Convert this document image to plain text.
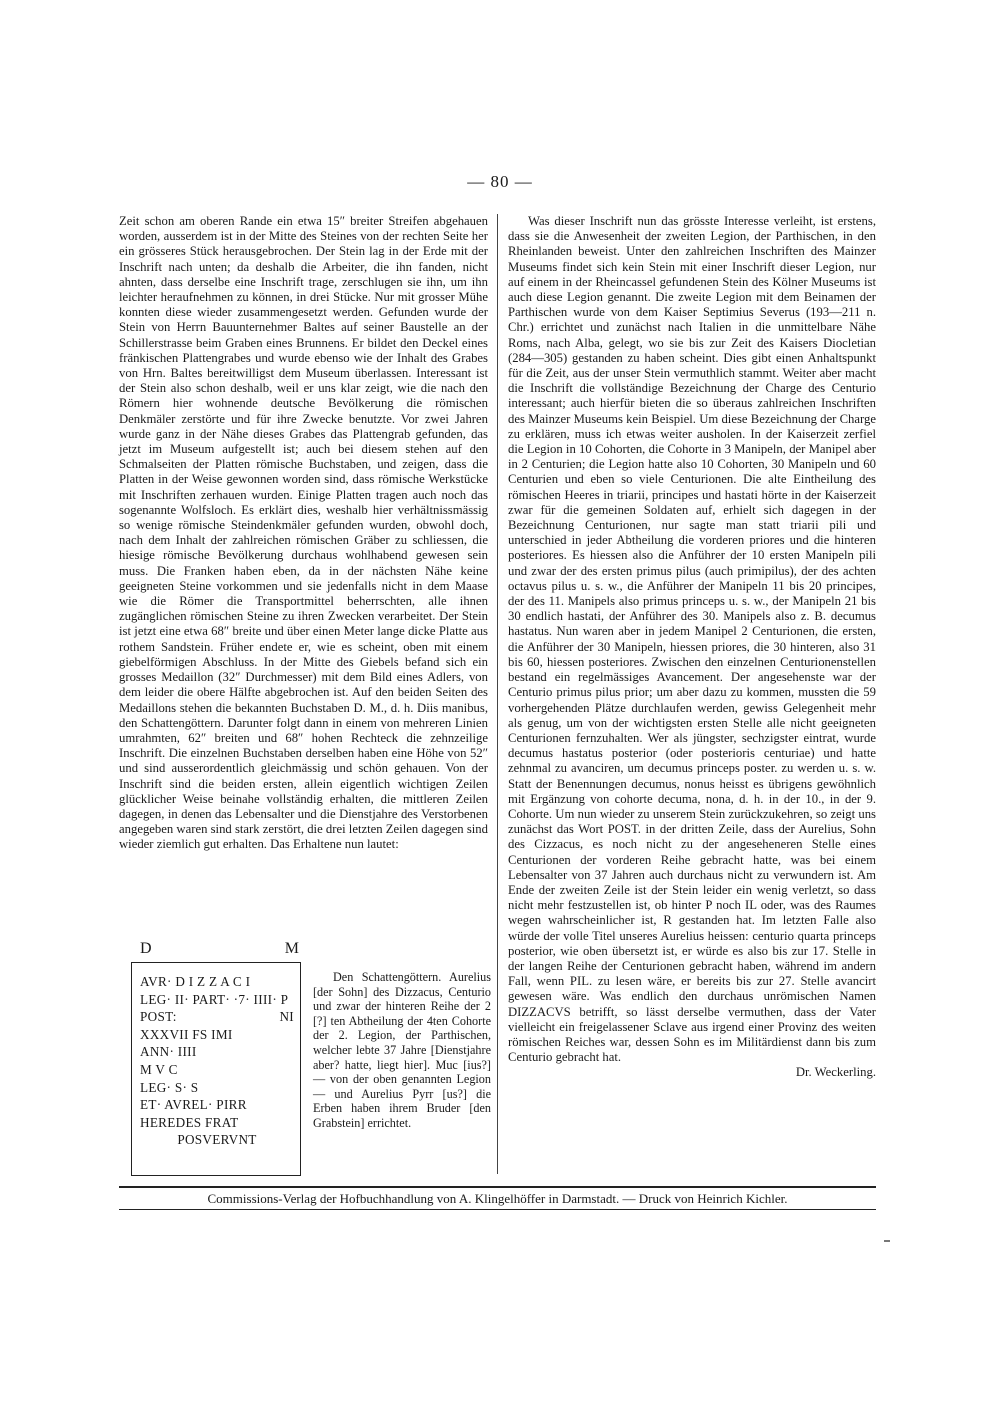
— 80 —

Zeit schon am oberen Rande ein etwa 15″ breiter Streifen abgehauen worden, ausserdem ist in der Mitte des Steines von der rechten Seite her ein grösseres Stück herausgebrochen. Der Stein lag in der Erde mit der Inschrift nach unten; da deshalb die Arbeiter, die ihn fanden, nicht ahnten, dass derselbe eine Inschrift trage, zerschlugen sie ihn, um ihn leichter heraufnehmen zu können, in drei Stücke. Nur mit grosser Mühe konnten diese wieder zusammengesetzt werden. Gefunden wurde der Stein von Herrn Bauunternehmer Baltes auf seiner Baustelle an der Schillerstrasse beim Graben eines Brunnens. Er bildet den Deckel eines fränkischen Plattengrabes und wurde ebenso wie der Inhalt des Grabes von Hrn. Baltes bereitwilligst dem Museum überlassen. Interessant ist der Stein also schon deshalb, weil er uns klar zeigt, wie die nach den Römern hier wohnende deutsche Bevölkerung die römischen Denkmäler zerstörte und für ihre Zwecke benutzte. Vor zwei Jahren wurde ganz in der Nähe dieses Grabes das Plattengrab gefunden, das jetzt im Museum aufgestellt ist; auch bei diesem stehen auf den Schmalseiten der Platten römische Buchstaben, und zeigen, dass die Platten in der Weise gewonnen worden sind, dass römische Werkstücke mit Inschriften zerhauen wurden. Einige Platten tragen auch noch das sogenannte Wolfsloch. Es erklärt dies, weshalb hier verhältnissmässig so wenige römische Steindenkmäler gefunden wurden, obwohl doch, nach dem Inhalt der zahlreichen römischen Gräber zu schliessen, die hiesige römische Bevölkerung durchaus wohlhabend gewesen sein muss. Die Franken haben eben, da in der nächsten Nähe keine geeigneten Steine vorkommen und sie jedenfalls nicht in dem Maase wie die Römer die Transportmittel beherrschten, alle ihnen zugänglichen römischen Steine zu ihren Zwecken verarbeitet. Der Stein ist jetzt eine etwa 68″ breite und über einen Meter lange dicke Platte aus rothem Sandstein. Früher endete er, wie es scheint, oben mit einem giebelförmigen Abschluss. In der Mitte des Giebels befand sich ein grosses Medaillon (32″ Durchmesser) mit dem Bild eines Adlers, von dem leider die obere Hälfte abgebrochen ist. Auf den beiden Seiten des Medaillons stehen die bekannten Buchstaben D. M., d. h. Diis manibus, den Schattengöttern. Darunter folgt dann in einem von mehreren Linien umrahmten, 62″ breiten und 68″ hohen Rechteck die zehnzeilige Inschrift. Die einzelnen Buchstaben derselben haben eine Höhe von 52″ und sind ausserordentlich gleichmässig und schön gehauen. Von der Inschrift sind die beiden ersten, allein eigentlich wichtigen Zeilen glücklicher Weise beinahe vollständig erhalten, die mittleren Zeilen dagegen, in denen das Lebensalter und die Dienstjahre des Verstorbenen angegeben waren sind stark zerstört, die drei letzten Zeilen dagegen sind wieder ziemlich gut erhalten. Das Erhaltene nun lautet:

D	M
AVR· D I Z Z A C I
LEG· II· PART· ·7· IIII· P
POST:	NI
XXXVII FS IMI
ANN· IIII
M V C
LEG· S· S
ET· AVREL· PIRR
HEREDES FRAT
POSVERVNT

Den Schattengöttern. Aurelius [der Sohn] des Dizzacus, Centurio und zwar der hinteren Reihe der 2 [?] ten Abtheilung der 4ten Cohorte der 2. Legion, der Parthischen, welcher lebte 37 Jahre [Dienstjahre aber? hatte, liegt hier]. Muc [ius?] — von der oben genannten Legion — und Aurelius Pyrr [us?] die Erben haben ihrem Bruder [den Grabstein] errichtet.

Was dieser Inschrift nun das grösste Interesse verleiht, ist erstens, dass sie die Anwesenheit der zweiten Legion, der Parthischen, in den Rheinlanden beweist. Unter den zahlreichen Inschriften des Mainzer Museums findet sich kein Stein mit einer Inschrift dieser Legion, nur auf einem in der Rheincassel gefundenen Stein des Kölner Museums ist auch diese Legion genannt. Die zweite Legion mit dem Beinamen der Parthischen wurde von dem Kaiser Septimius Severus (193—211 n. Chr.) errichtet und zunächst nach Italien in die unmittelbare Nähe Roms, nach Alba, gelegt, wo sie bis zur Zeit des Kaisers Diocletian (284—305) gestanden zu haben scheint. Dies gibt einen Anhaltspunkt für die Zeit, aus der unser Stein vermuthlich stammt. Weiter aber macht die Inschrift die vollständige Bezeichnung der Charge des Centurio interessant; auch hierfür bieten die so überaus zahlreichen Inschriften des Mainzer Museums kein Beispiel. Um diese Bezeichnung der Charge zu erklären, muss ich etwas weiter ausholen. In der Kaiserzeit zerfiel die Legion in 10 Cohorten, die Cohorte in 3 Manipeln, der Manipel aber in 2 Centurien; die Legion hatte also 10 Cohorten, 30 Manipeln und 60 Centurien und eben so viele Centurionen. Die alte Eintheilung des römischen Heeres in triarii, principes und hastati hörte in der Kaiserzeit zwar für die gemeinen Soldaten auf, erhielt sich dagegen in der Bezeichnung Centurionen, nur sagte man statt triarii pili und unterschied in jeder Abtheilung die vorderen priores und die hinteren posteriores. Es hiessen also die Anführer der 10 ersten Manipeln pili und zwar der des ersten primus pilus (auch primipilus), der des achten octavus pilus u. s. w., die Anführer der Manipeln 11 bis 20 principes, der des 11. Manipels also primus princeps u. s. w., der Manipeln 21 bis 30 endlich hastati, der Anführer des 30. Manipels also z. B. decumus hastatus. Nun waren aber in jedem Manipel 2 Centurionen, die ersten, die Anführer der 30 Manipeln, hiessen priores, die 30 hinteren, also 31 bis 60, hiessen posteriores. Zwischen den einzelnen Centurionenstellen bestand ein regelmässiges Avancement. Der angesehenste war der Centurio primus pilus prior; um aber dazu zu kommen, mussten die 59 vorhergehenden Plätze durchlaufen werden, gewiss Gelegenheit mehr als genug, um von der wichtigsten ersten Stelle alle nicht geeigneten Centurionen fernzuhalten. Wer als jüngster, sechzigster eintrat, wurde decumus hastatus posterior (oder posterioris centuriae) und hatte zehnmal zu avanciren, um decumus princeps poster. zu werden u. s. w. Statt der Benennungen decumus, nonus heisst es übrigens gewöhnlich mit Ergänzung von cohorte decuma, nona, d. h. in der 10., in der 9. Cohorte. Um nun wieder zu unserem Stein zurückzukehren, so zeigt uns zunächst das Wort POST. in der dritten Zeile, dass der Aurelius, Sohn des Cizzacus, es noch nicht zu der angeseheneren Stelle eines Centurionen der vorderen Reihe gebracht hatte, was bei einem Lebensalter von 37 Jahren auch durchaus nicht zu verwundern ist. Am Ende der zweiten Zeile ist der Stein leider ein wenig verletzt, so dass nicht mehr festzustellen ist, ob hinter P noch IL oder, was des Raumes wegen wahrscheinlicher ist, R gestanden hat. Im letzten Falle also würde der volle Titel unseres Aurelius heissen: centurio quarta princeps posterior, wie oben übersetzt ist, er würde es also bis zur 17. Stelle in der langen Reihe der Centurionen gebracht haben, während im andern Fall, wenn PIL. zu lesen wäre, er bereits bis zur 27. Stelle avancirt gewesen wäre. Was endlich den durchaus unrömischen Namen DIZZACVS betrifft, so lässt derselbe vermuthen, dass der Vater vielleicht ein freigelassener Sclave aus irgend einer Provinz des weiten römischen Reiches war, dessen Sohn es im Militärdienst dann bis zum Centurio gebracht hat.

Dr. Weckerling.
Commissions-Verlag der Hofbuchhandlung von A. Klingelhöffer in Darmstadt. — Druck von Heinrich Kichler.
